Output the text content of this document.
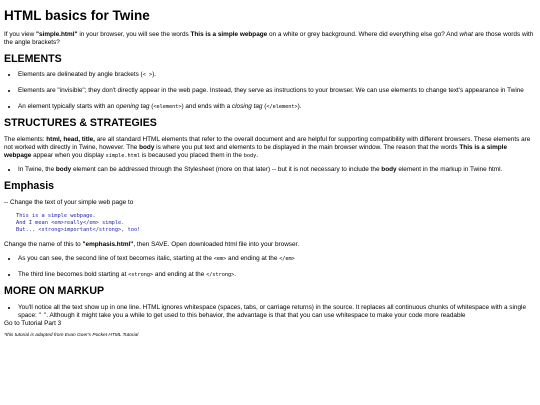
HTML basics for Twine

If you view "simple.html" in your browser, you will see the words This is a simple webpage on a white or grey background. Where did everything else go? And what are those words with the angle brackets?

ELEMENTS
• Elements are delineated by angle brackets (< >).
• Elements are "invisible"; they don't directly appear in the web page. Instead, they serve as instructions to your browser. We can use elements to change text's appearance in Twine
• An element typically starts with an opening tag (<element>) and ends with a closing tag (</element>).
STRUCTURES & STRATEGIES

The elements: html, head, title, are all standard HTML elements that refer to the overall document and are helpful for supporting compatibility with different browsers. These elements are not worked with directly in Twine, however. The body is where you put text and elements to be displayed in the main browser window. The reason that the words This is a simple webpage appear when you display simple.html is becaused you placed them in the body.

• In Twine, the body element can be addressed through the Stylesheet (more on that later) -- but it is not necessary to include the body element in the markup in Twine html.
Emphasis

-- Change the text of your simple web page to

This is a simple webpage.
And I mean <em>really</em> simple.
But... <strong>important</strong>, too!

Change the name of this to "emphasis.html", then SAVE. Open downloaded html file into your browser.

• As you can see, the second line of text becomes italic, starting at the <em> and ending at the </em>
• The third line becomes bold starting at <strong> and ending at the </strong>.
MORE ON MARKUP
• You'll notice all the text show up in one line. HTML ignores whitespace (spaces, tabs, or carriage returns) in the source. It replaces all continuous chunks of whitespace with a single space: " ". Although it might take you a while to get used to this behavior, the advantage is that that you can use whitespace to make your code more readable
Go to Tutorial Part 3
*this tutorial is adapted from Evan Goer's Pocket HTML Tutorial
